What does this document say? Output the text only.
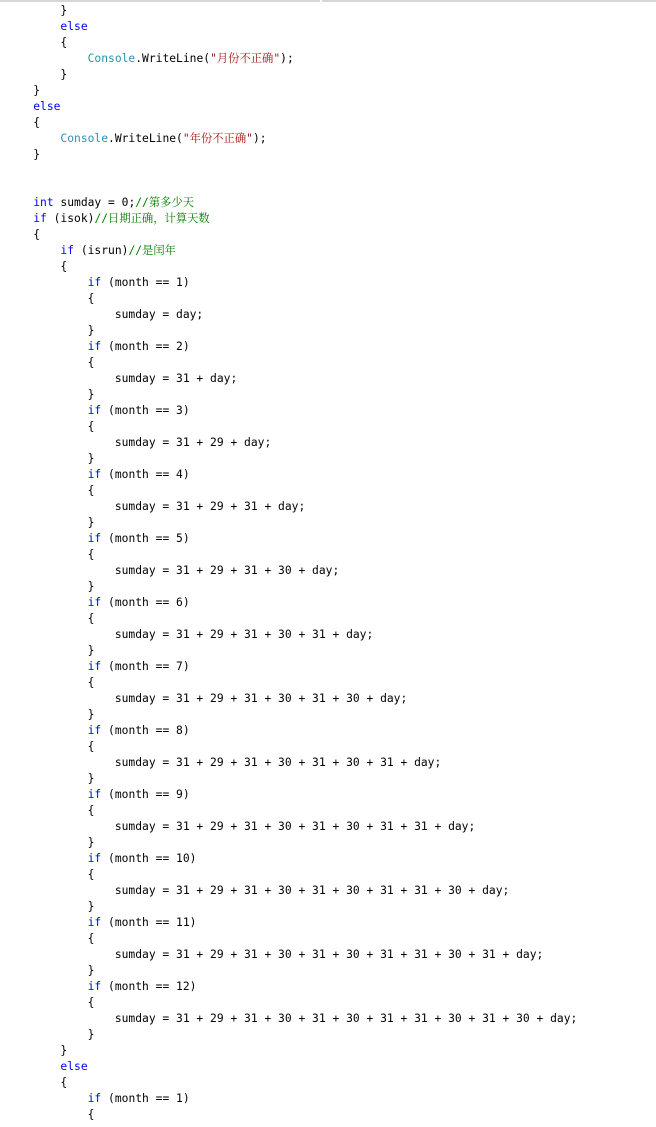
}
else
{
Console.WriteLine("月份不正确");
}
}
else
{
Console.WriteLine("年份不正确");
}
int sumday = 0;//第多少天
if (isok)//日期正确，计算天数
{
if (isrun)//是闰年
{
if (month == 1)
{
sumday = day;
}
if (month == 2)
{
sumday = 31 + day;
}
if (month == 3)
{
sumday = 31 + 29 + day;
}
if (month == 4)
{
sumday = 31 + 29 + 31 + day;
}
if (month == 5)
{
sumday = 31 + 29 + 31 + 30 + day;
}
if (month == 6)
{
sumday = 31 + 29 + 31 + 30 + 31 + day;
}
if (month == 7)
{
sumday = 31 + 29 + 31 + 30 + 31 + 30 + day;
}
if (month == 8)
{
sumday = 31 + 29 + 31 + 30 + 31 + 30 + 31 + day;
}
if (month == 9)
{
sumday = 31 + 29 + 31 + 30 + 31 + 30 + 31 + 31 + day;
}
if (month == 10)
{
sumday = 31 + 29 + 31 + 30 + 31 + 30 + 31 + 31 + 30 + day;
}
if (month == 11)
{
sumday = 31 + 29 + 31 + 30 + 31 + 30 + 31 + 31 + 30 + 31 + day;
}
if (month == 12)
{
sumday = 31 + 29 + 31 + 30 + 31 + 30 + 31 + 31 + 30 + 31 + 30 + day;
}
}
else
{
if (month == 1)
{
